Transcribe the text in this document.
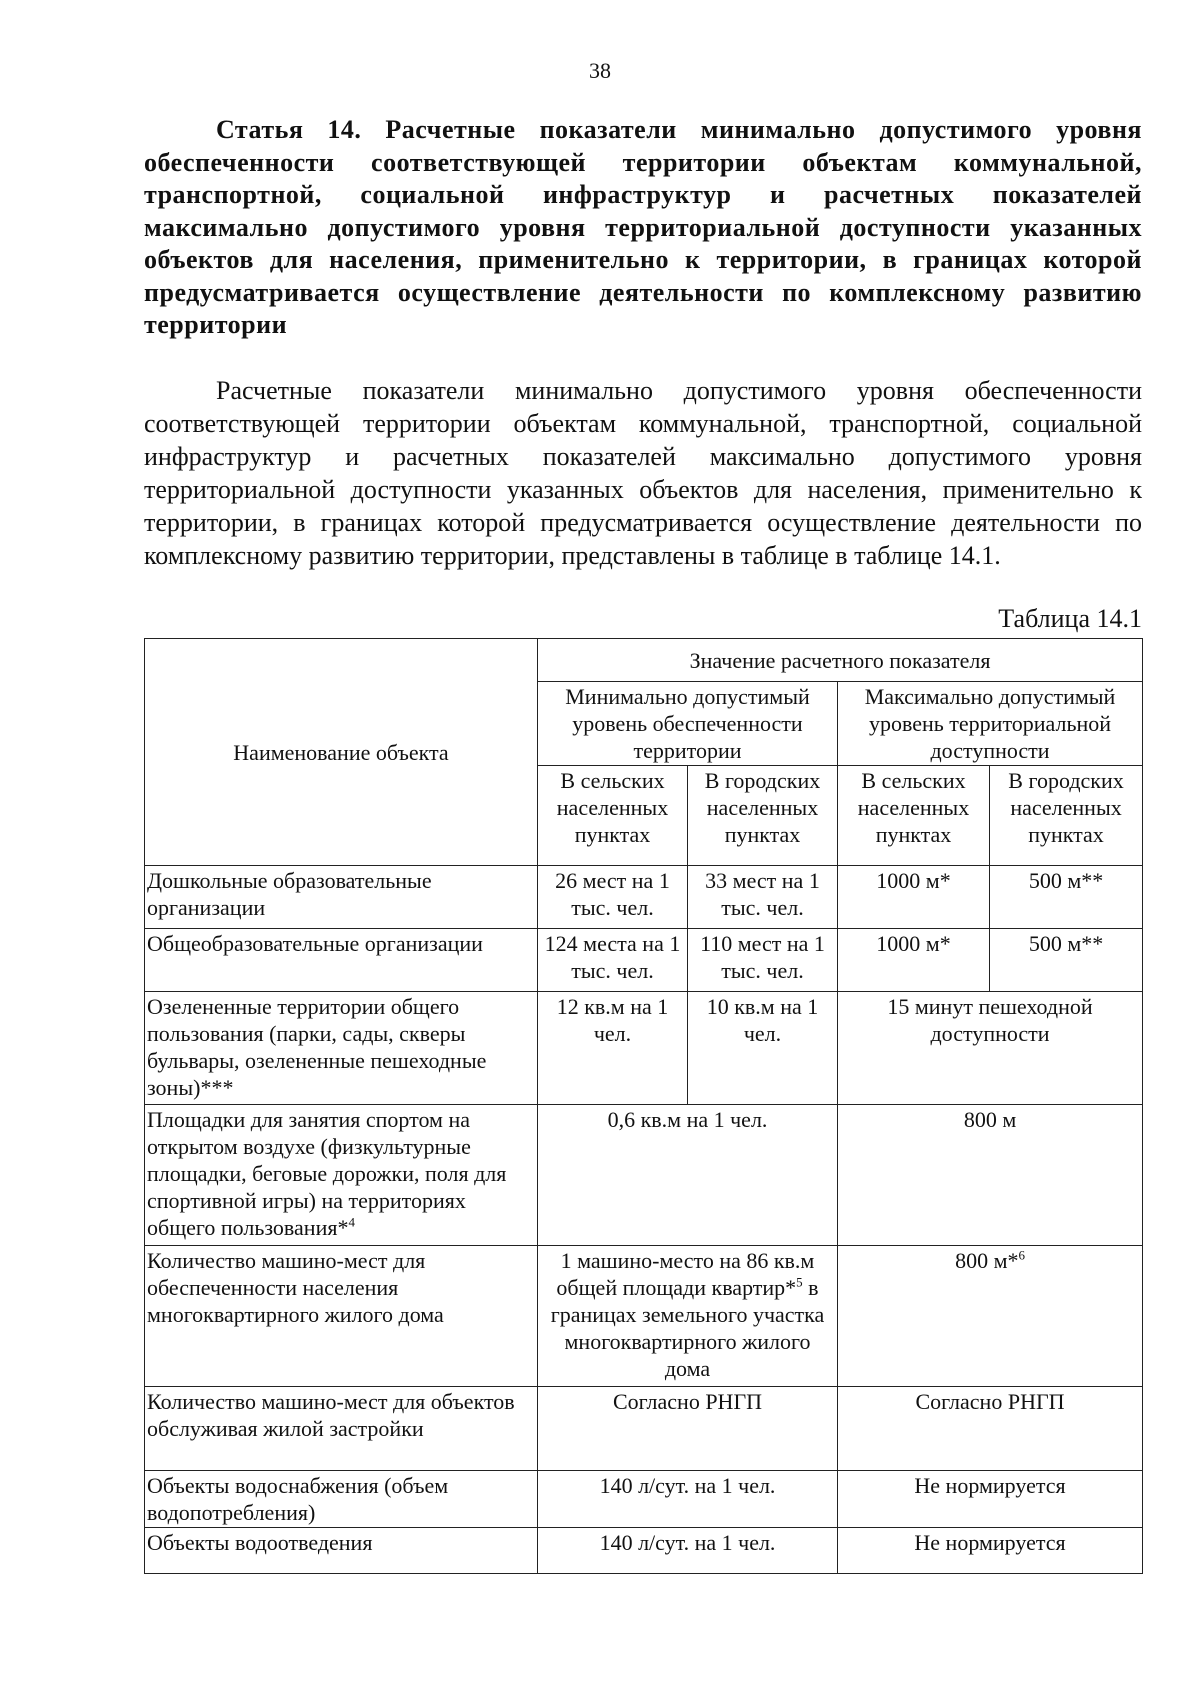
38
Статья 14. Расчетные показатели минимально допустимого уровня обеспеченности соответствующей территории объектам коммунальной, транспортной, социальной инфраструктур и расчетных показателей максимально допустимого уровня территориальной доступности указанных объектов для населения, применительно к территории, в границах которой предусматривается осуществление деятельности по комплексному развитию территории
Расчетные показатели минимально допустимого уровня обеспеченности соответствующей территории объектам коммунальной, транспортной, социальной инфраструктур и расчетных показателей максимально допустимого уровня территориальной доступности указанных объектов для населения, применительно к территории, в границах которой предусматривается осуществление деятельности по комплексному развитию территории, представлены в таблице в таблице 14.1.
Таблица 14.1
Наименование объекта	Значение расчетного показателя			
	Минимально допустимый уровень обеспеченности территории		Максимально допустимый уровень территориальной доступности	
	В сельских населенных пунктах	В городских населенных пунктах	В сельских населенных пунктах	В городских населенных пунктах
Дошкольные образовательные организации	26 мест на 1 тыс. чел.	33 мест на 1 тыс. чел.	1000 м*	500 м**
Общеобразовательные организации	124 места на 1 тыс. чел.	110 мест на 1 тыс. чел.	1000 м*	500 м**
Озелененные территории общего пользования (парки, сады, скверы бульвары, озелененные пешеходные зоны)***	12 кв.м на 1 чел.	10 кв.м на 1 чел.	15 минут пешеходной доступности	
Площадки для занятия спортом на открытом воздухе (физкультурные площадки, беговые дорожки, поля для спортивной игры) на территориях общего пользования*$^4$	0,6 кв.м на 1 чел.		800 м	
Количество машино-мест для обеспеченности населения многоквартирного жилого дома	1 машино-место на 86 кв.м общей площади квартир*$^5$ в границах земельного участка многоквартирного жилого дома		800 м*$^6$
Количество машино-мест для объектов обслуживая жилой застройки	Согласно РНГП		Согласно РНГП	
Объекты водоснабжения (объем водопотребления)	140 л/сут. на 1 чел.		Не нормируется	
Объекты водоотведения	140 л/сут. на 1 чел.		Не нормируется	
